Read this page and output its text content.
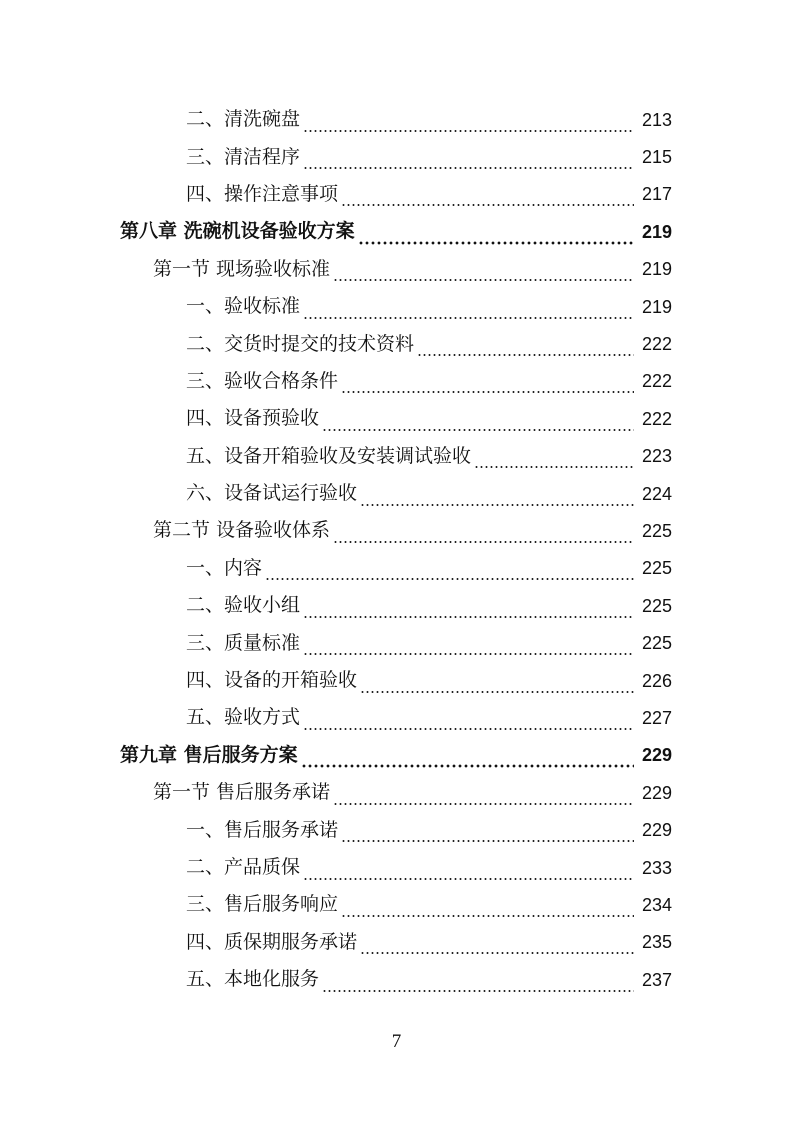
二、清洗碗盘	213
三、清洁程序	215
四、操作注意事项	217
第八章 洗碗机设备验收方案	219
第一节 现场验收标准	219
一、验收标准	219
二、交货时提交的技术资料	222
三、验收合格条件	222
四、设备预验收	222
五、设备开箱验收及安装调试验收	223
六、设备试运行验收	224
第二节 设备验收体系	225
一、内容	225
二、验收小组	225
三、质量标准	225
四、设备的开箱验收	226
五、验收方式	227
第九章 售后服务方案	229
第一节 售后服务承诺	229
一、售后服务承诺	229
二、产品质保	233
三、售后服务响应	234
四、质保期服务承诺	235
五、本地化服务	237
7
